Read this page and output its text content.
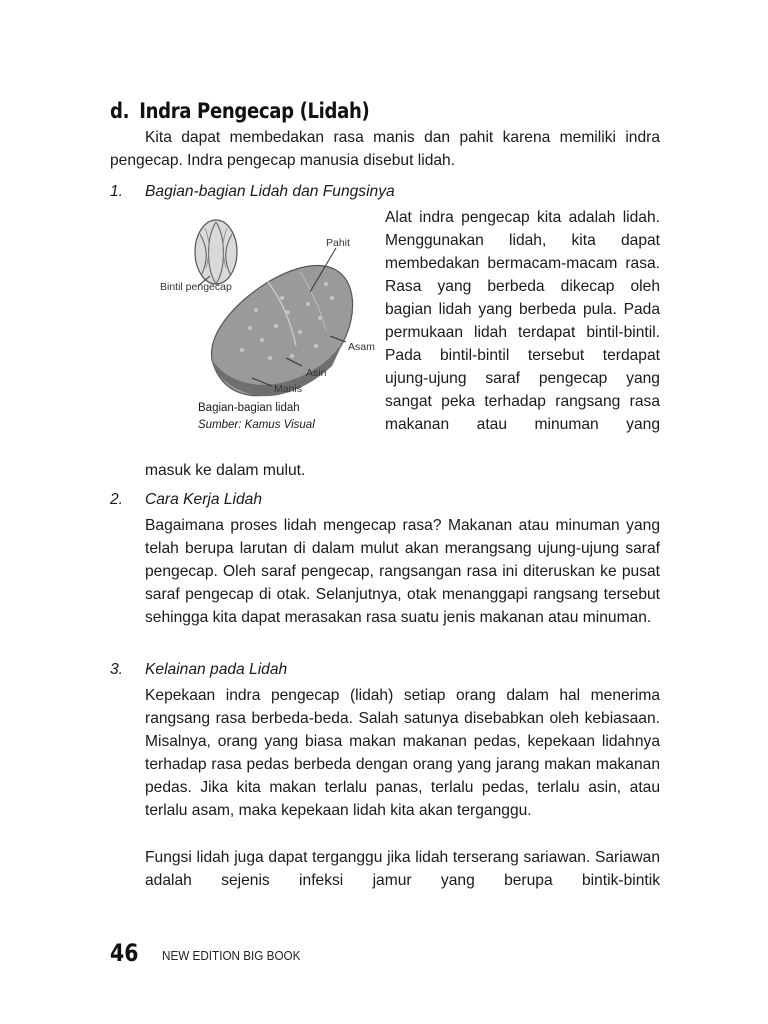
d. Indra Pengecap (Lidah)
Kita dapat membedakan rasa manis dan pahit karena memiliki indra pengecap. Indra pengecap manusia disebut lidah.
1. Bagian-bagian Lidah dan Fungsinya
Alat indra pengecap kita adalah lidah. Menggunakan lidah, kita dapat membedakan bermacam-macam rasa. Rasa yang berbeda dikecap oleh bagian lidah yang berbeda pula. Pada permukaan lidah terdapat bintil-bintil. Pada bintil-bintil tersebut terdapat ujung-ujung saraf pengecap yang sangat peka terhadap rangsang rasa makanan atau minuman yang
Pahit
Bintil pengecap
Asam
Asin
Manis
Bagian-bagian lidah
Sumber: Kamus Visual
masuk ke dalam mulut.
2. Cara Kerja Lidah
Bagaimana proses lidah mengecap rasa? Makanan atau minuman yang telah berupa larutan di dalam mulut akan merangsang ujung-ujung saraf pengecap. Oleh saraf pengecap, rangsangan rasa ini diteruskan ke pusat saraf pengecap di otak. Selanjutnya, otak menanggapi rangsang tersebut sehingga kita dapat merasakan rasa suatu jenis makanan atau minuman.
3. Kelainan pada Lidah
Kepekaan indra pengecap (lidah) setiap orang dalam hal menerima rangsang rasa berbeda-beda. Salah satunya disebabkan oleh kebiasaan. Misalnya, orang yang biasa makan makanan pedas, kepekaan lidahnya terhadap rasa pedas berbeda dengan orang yang jarang makan makanan pedas. Jika kita makan terlalu panas, terlalu pedas, terlalu asin, atau terlalu asam, maka kepekaan lidah kita akan terganggu.
Fungsi lidah juga dapat terganggu jika lidah terserang sariawan. Sariawan adalah sejenis infeksi jamur yang berupa bintik-bintik
46 NEW EDITION BIG BOOK
